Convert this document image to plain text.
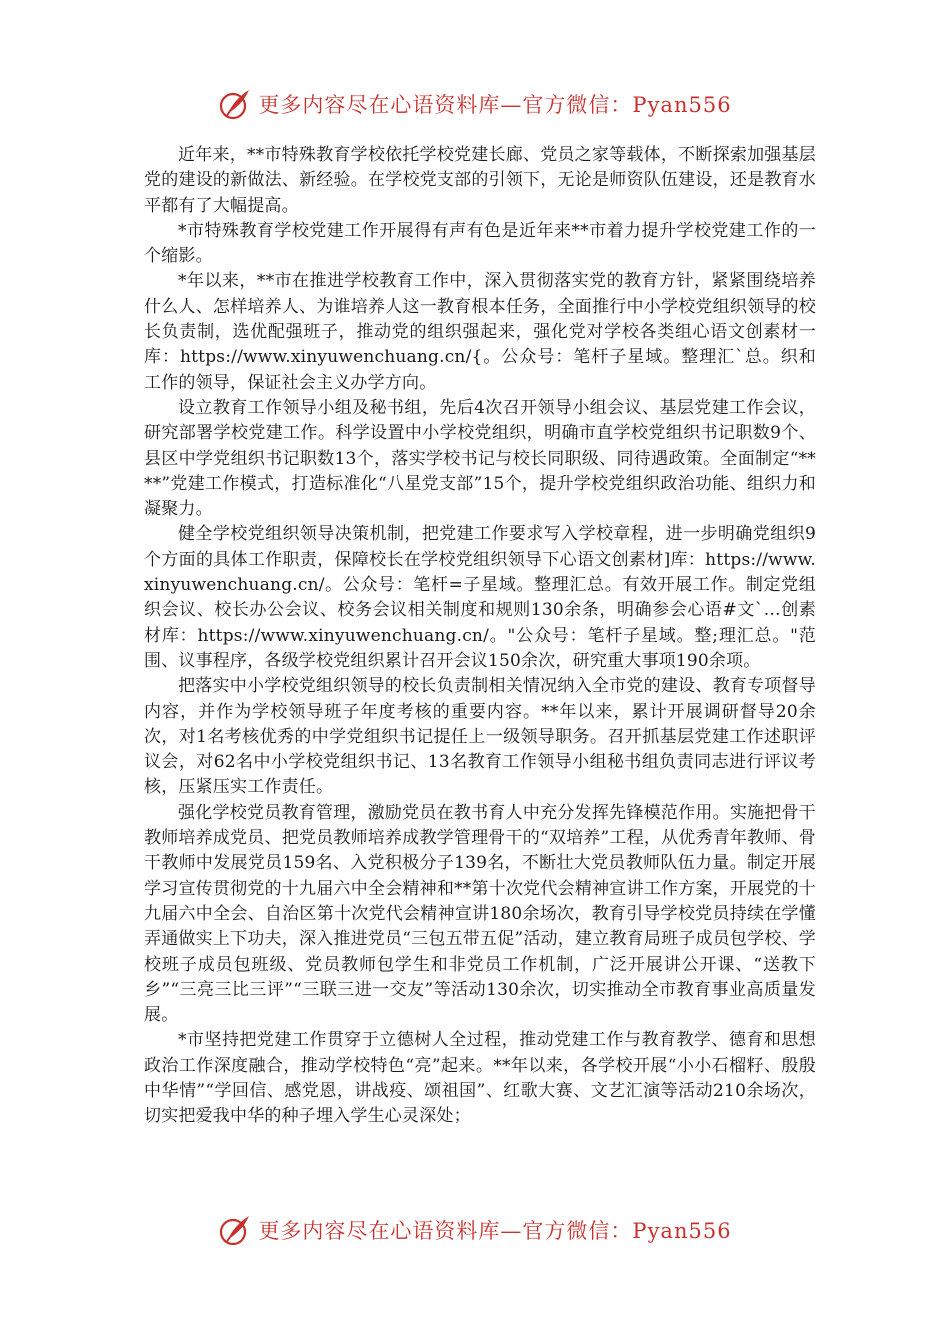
更多内容尽在心语资料库—官方微信：Pyan556

近年来，**市特殊教育学校依托学校党建长廊、党员之家等载体，不断探索加强基层党的建设的新做法、新经验。在学校党支部的引领下，无论是师资队伍建设，还是教育水平都有了大幅提高。

*市特殊教育学校党建工作开展得有声有色是近年来**市着力提升学校党建工作的一个缩影。

*年以来，**市在推进学校教育工作中，深入贯彻落实党的教育方针，紧紧围绕培养什么人、怎样培养人、为谁培养人这一教育根本任务，全面推行中小学校党组织领导的校长负责制，选优配强班子，推动党的组织强起来，强化党对学校各类组心语文创素材一库：https://www.xinyuwenchuang.cn/{。公众号：笔杆子星域。整理汇`总。织和工作的领导，保证社会主义办学方向。

设立教育工作领导小组及秘书组，先后4次召开领导小组会议、基层党建工作会议，研究部署学校党建工作。科学设置中小学校党组织，明确市直学校党组织书记职数9个、县区中学党组织书记职数13个，落实学校书记与校长同职级、同待遇政策。全面制定“****”党建工作模式，打造标准化“八星党支部”15个，提升学校党组织政治功能、组织力和凝聚力。

健全学校党组织领导决策机制，把党建工作要求写入学校章程，进一步明确党组织9个方面的具体工作职责，保障校长在学校党组织领导下心语文创素材]库：https://www.xinyuwenchuang.cn/。公众号：笔杆=子星域。整理汇总。有效开展工作。制定党组织会议、校长办公会议、校务会议相关制度和规则130余条，明确参会心语#文`…创素材库：https://www.xinyuwenchuang.cn/。"公众号：笔杆子星域。整;理汇总。"范围、议事程序，各级学校党组织累计召开会议150余次，研究重大事项190余项。

把落实中小学校党组织领导的校长负责制相关情况纳入全市党的建设、教育专项督导内容，并作为学校领导班子年度考核的重要内容。**年以来，累计开展调研督导20余次，对1名考核优秀的中学党组织书记提任上一级领导职务。召开抓基层党建工作述职评议会，对62名中小学校党组织书记、13名教育工作领导小组秘书组负责同志进行评议考核，压紧压实工作责任。

强化学校党员教育管理，激励党员在教书育人中充分发挥先锋模范作用。实施把骨干教师培养成党员、把党员教师培养成教学管理骨干的“双培养”工程，从优秀青年教师、骨干教师中发展党员159名、入党积极分子139名，不断壮大党员教师队伍力量。制定开展学习宣传贯彻党的十九届六中全会精神和**第十次党代会精神宣讲工作方案，开展党的十九届六中全会、自治区第十次党代会精神宣讲180余场次，教育引导学校党员持续在学懂弄通做实上下功夫，深入推进党员“三包五带五促”活动，建立教育局班子成员包学校、学校班子成员包班级、党员教师包学生和非党员工作机制，广泛开展讲公开课、“送教下乡”“三亮三比三评”“三联三进一交友”等活动130余次，切实推动全市教育事业高质量发展。

*市坚持把党建工作贯穿于立德树人全过程，推动党建工作与教育教学、德育和思想政治工作深度融合，推动学校特色“亮”起来。**年以来，各学校开展“小小石榴籽、殷殷中华情”“学回信、感党恩，讲战疫、颂祖国”、红歌大赛、文艺汇演等活动210余场次，切实把爱我中华的种子埋入学生心灵深处；

更多内容尽在心语资料库—官方微信：Pyan556
